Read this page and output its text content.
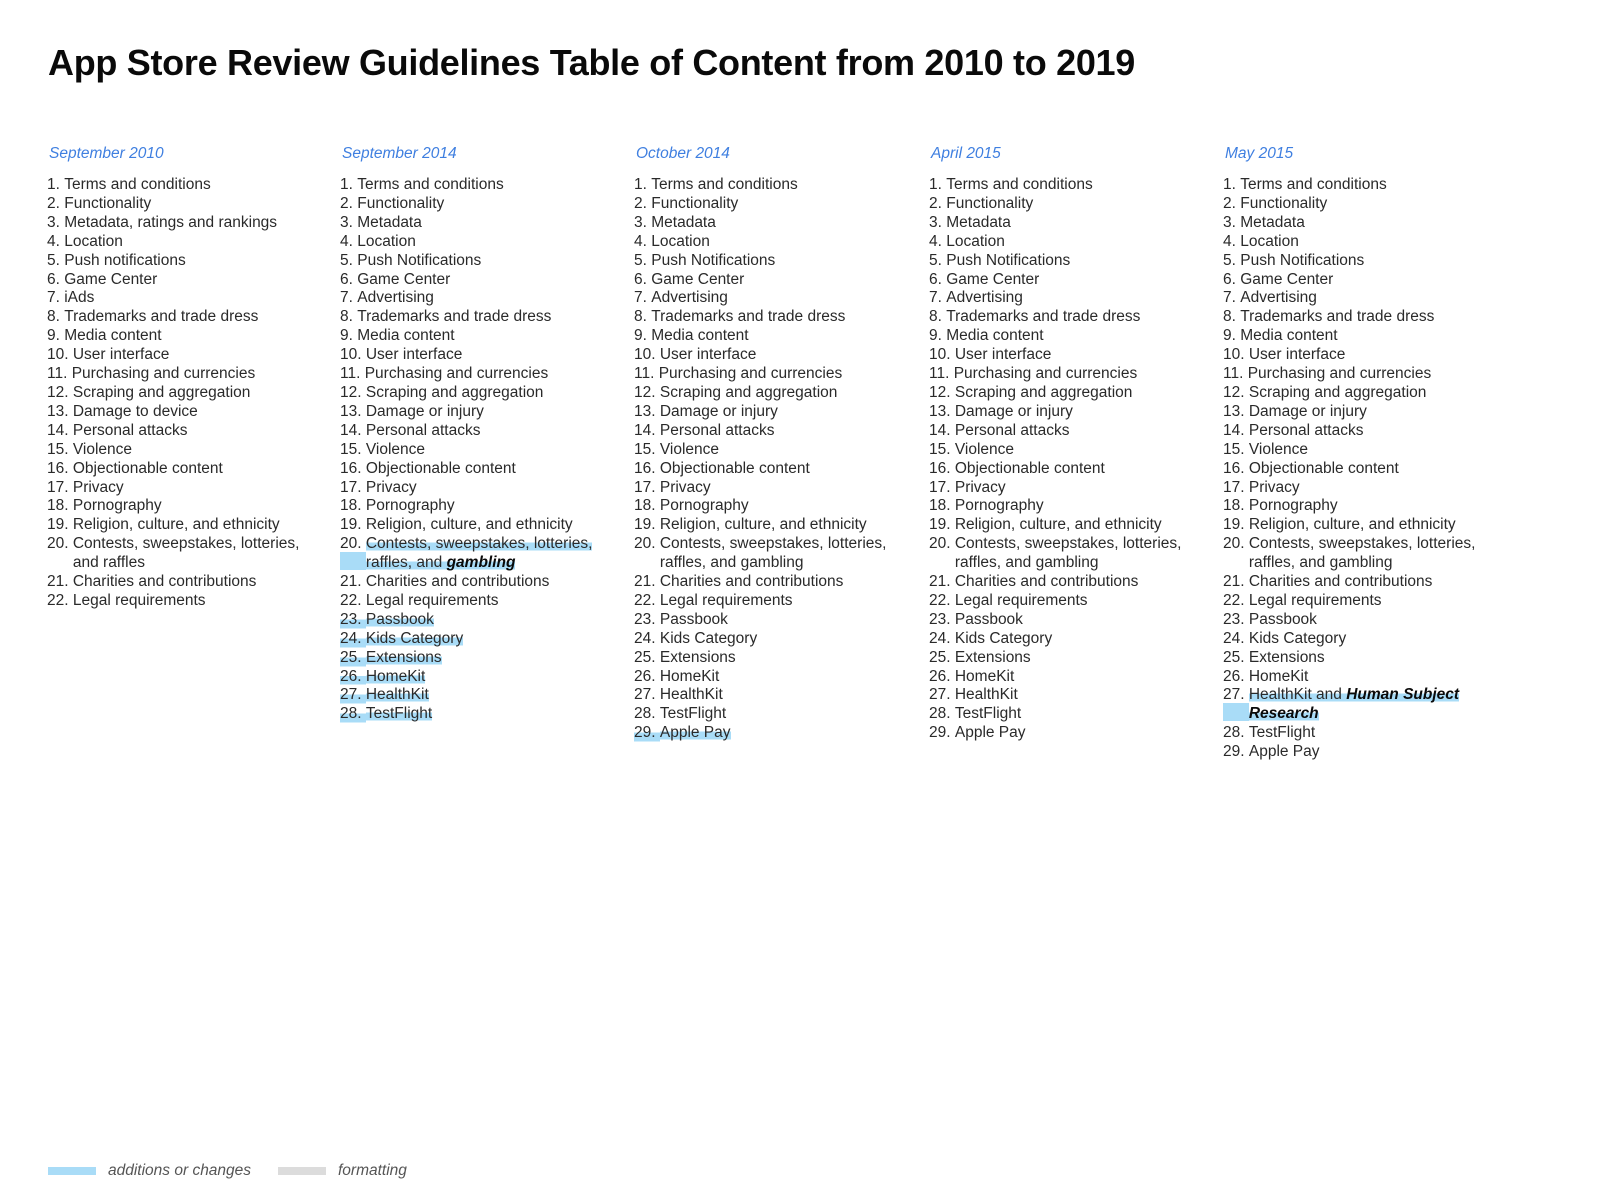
App Store Review Guidelines Table of Content from 2010 to 2019
September 2010
1. Terms and conditions
2. Functionality
3. Metadata, ratings and rankings
4. Location
5. Push notifications
6. Game Center
7. iAds
8. Trademarks and trade dress
9. Media content
10. User interface
11. Purchasing and currencies
12. Scraping and aggregation
13. Damage to device
14. Personal attacks
15. Violence
16. Objectionable content
17. Privacy
18. Pornography
19. Religion, culture, and ethnicity
20. Contests, sweepstakes, lotteries, and raffles
21. Charities and contributions
22. Legal requirements
September 2014
1. Terms and conditions
2. Functionality
3. Metadata
4. Location
5. Push Notifications
6. Game Center
7. Advertising
8. Trademarks and trade dress
9. Media content
10. User interface
11. Purchasing and currencies
12. Scraping and aggregation
13. Damage or injury
14. Personal attacks
15. Violence
16. Objectionable content
17. Privacy
18. Pornography
19. Religion, culture, and ethnicity
20. Contests, sweepstakes, lotteries, raffles, and gambling
21. Charities and contributions
22. Legal requirements
23. Passbook
24. Kids Category
25. Extensions
26. HomeKit
27. HealthKit
28. TestFlight
October 2014
1. Terms and conditions
2. Functionality
3. Metadata
4. Location
5. Push Notifications
6. Game Center
7. Advertising
8. Trademarks and trade dress
9. Media content
10. User interface
11. Purchasing and currencies
12. Scraping and aggregation
13. Damage or injury
14. Personal attacks
15. Violence
16. Objectionable content
17. Privacy
18. Pornography
19. Religion, culture, and ethnicity
20. Contests, sweepstakes, lotteries, raffles, and gambling
21. Charities and contributions
22. Legal requirements
23. Passbook
24. Kids Category
25. Extensions
26. HomeKit
27. HealthKit
28. TestFlight
29. Apple Pay
April 2015
1. Terms and conditions
2. Functionality
3. Metadata
4. Location
5. Push Notifications
6. Game Center
7. Advertising
8. Trademarks and trade dress
9. Media content
10. User interface
11. Purchasing and currencies
12. Scraping and aggregation
13. Damage or injury
14. Personal attacks
15. Violence
16. Objectionable content
17. Privacy
18. Pornography
19. Religion, culture, and ethnicity
20. Contests, sweepstakes, lotteries, raffles, and gambling
21. Charities and contributions
22. Legal requirements
23. Passbook
24. Kids Category
25. Extensions
26. HomeKit
27. HealthKit
28. TestFlight
29. Apple Pay
May 2015
1. Terms and conditions
2. Functionality
3. Metadata
4. Location
5. Push Notifications
6. Game Center
7. Advertising
8. Trademarks and trade dress
9. Media content
10. User interface
11. Purchasing and currencies
12. Scraping and aggregation
13. Damage or injury
14. Personal attacks
15. Violence
16. Objectionable content
17. Privacy
18. Pornography
19. Religion, culture, and ethnicity
20. Contests, sweepstakes, lotteries, raffles, and gambling
21. Charities and contributions
22. Legal requirements
23. Passbook
24. Kids Category
25. Extensions
26. HomeKit
27. HealthKit and Human Subject Research
28. TestFlight
29. Apple Pay
additions or changes	formatting
